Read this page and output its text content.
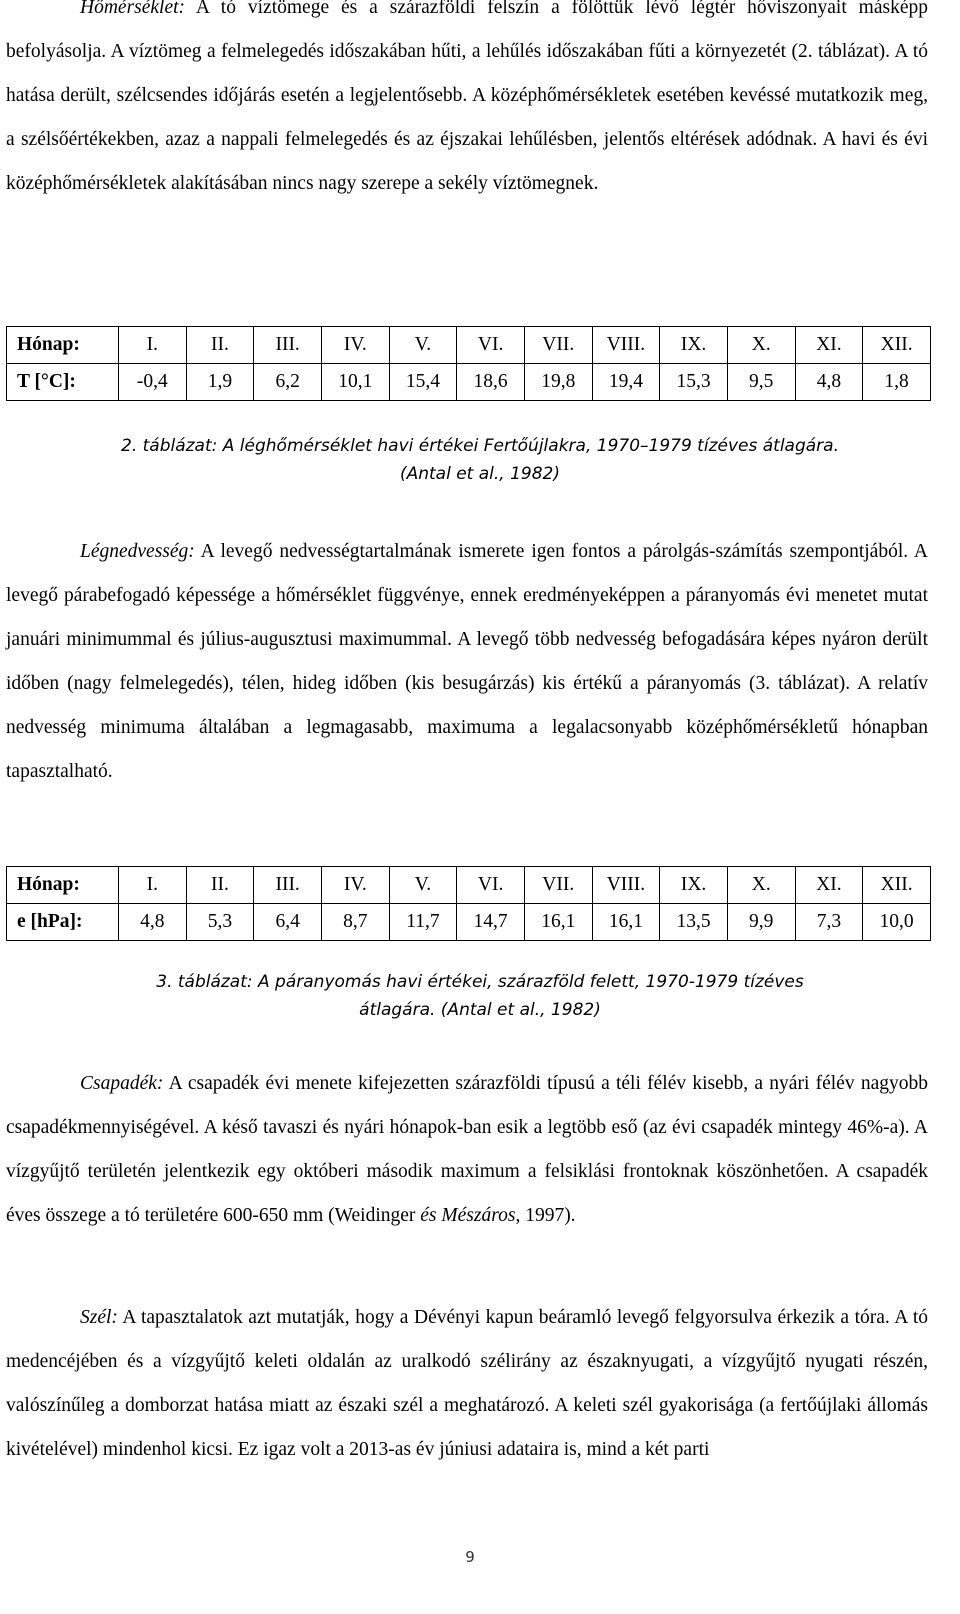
Hőmérséklet: A tó víztömege és a szárazföldi felszín a fölöttük lévő légtér hőviszonyait másképp befolyásolja. A víztömeg a felmelegedés időszakában hűti, a lehűlés időszakában fűti a környezetét (2. táblázat). A tó hatása derült, szélcsendes időjárás esetén a legjelentősebb. A középhőmérsékletek esetében kevéssé mutatkozik meg, a szélsőértékekben, azaz a nappali felmelegedés és az éjszakai lehűlésben, jelentős eltérések adódnak. A havi és évi középhőmérsékletek alakításában nincs nagy szerepe a sekély víztömegnek.

Hónap:	I.	II.	III.	IV.	V.	VI.	VII.	VIII.	IX.	X.	XI.	XII.
T [°C]:	-0,4	1,9	6,2	10,1	15,4	18,6	19,8	19,4	15,3	9,5	4,8	1,8
2. táblázat: A léghőmérséklet havi értékei Fertőújlakra, 1970–1979 tízéves átlagára.
(Antal et al., 1982)

Légnedvesség: A levegő nedvességtartalmának ismerete igen fontos a párolgás-számítás szempontjából. A levegő párabefogadó képessége a hőmérséklet függvénye, ennek eredményeképpen a páranyomás évi menetet mutat januári minimummal és július-augusztusi maximummal. A levegő több nedvesség befogadására képes nyáron derült időben (nagy felmelegedés), télen, hideg időben (kis besugárzás) kis értékű a páranyomás (3. táblázat). A relatív nedvesség minimuma általában a legmagasabb, maximuma a legalacsonyabb középhőmérsékletű hónapban tapasztalható.

Hónap:	I.	II.	III.	IV.	V.	VI.	VII.	VIII.	IX.	X.	XI.	XII.
e [hPa]:	4,8	5,3	6,4	8,7	11,7	14,7	16,1	16,1	13,5	9,9	7,3	10,0
3. táblázat: A páranyomás havi értékei, szárazföld felett, 1970-1979 tízéves
átlagára. (Antal et al., 1982)

Csapadék: A csapadék évi menete kifejezetten szárazföldi típusú a téli félév kisebb, a nyári félév nagyobb csapadékmennyiségével. A késő tavaszi és nyári hónapok-ban esik a legtöbb eső (az évi csapadék mintegy 46%-a). A vízgyűjtő területén jelentkezik egy októberi második maximum a felsiklási frontoknak köszönhetően. A csapadék éves összege a tó területére 600-650 mm (Weidinger és Mészáros, 1997).

Szél: A tapasztalatok azt mutatják, hogy a Dévényi kapun beáramló levegő felgyorsulva érkezik a tóra. A tó medencéjében és a vízgyűjtő keleti oldalán az uralkodó szélirány az északnyugati, a vízgyűjtő nyugati részén, valószínűleg a domborzat hatása miatt az északi szél a meghatározó. A keleti szél gyakorisága (a fertőújlaki állomás kivételével) mindenhol kicsi. Ez igaz volt a 2013-as év júniusi adataira is, mind a két parti

9
